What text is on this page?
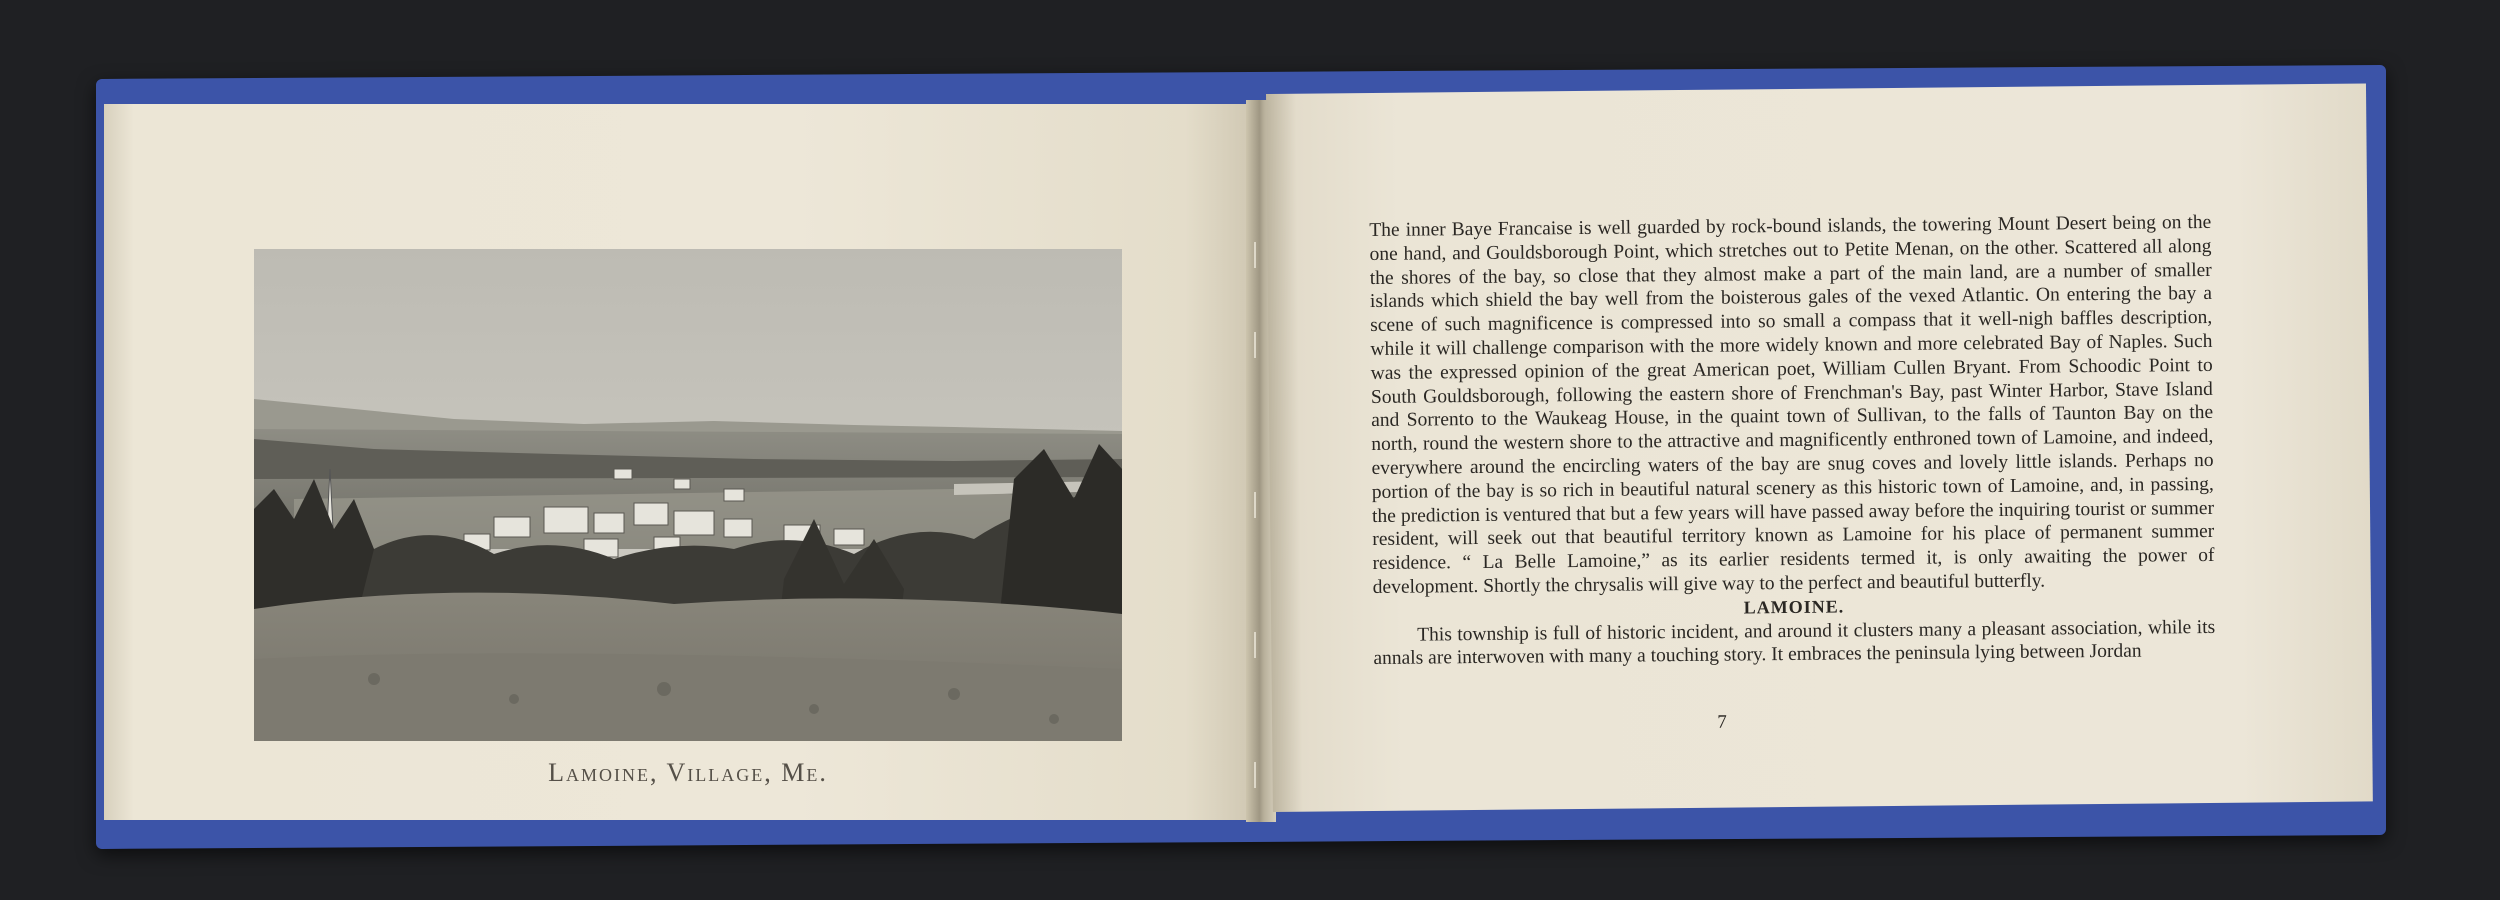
Lamoine, Village, Me.

The inner Baye Francaise is well guarded by rock-bound islands, the towering Mount Desert being on the one hand, and Gouldsborough Point, which stretches out to Petite Menan, on the other. Scattered all along the shores of the bay, so close that they almost make a part of the main land, are a number of smaller islands which shield the bay well from the boisterous gales of the vexed Atlantic. On entering the bay a scene of such magnificence is compressed into so small a compass that it well-nigh baffles description, while it will challenge comparison with the more widely known and more celebrated Bay of Naples. Such was the expressed opinion of the great American poet, William Cullen Bryant. From Schoodic Point to South Gouldsborough, following the eastern shore of Frenchman's Bay, past Winter Harbor, Stave Island and Sorrento to the Waukeag House, in the quaint town of Sullivan, to the falls of Taunton Bay on the north, round the western shore to the attractive and magnificently enthroned town of Lamoine, and indeed, everywhere around the encircling waters of the bay are snug coves and lovely little islands. Perhaps no portion of the bay is so rich in beautiful natural scenery as this historic town of Lamoine, and, in passing, the prediction is ventured that but a few years will have passed away before the inquiring tourist or summer resident, will seek out that beautiful territory known as Lamoine for his place of permanent summer residence. “ La Belle Lamoine,” as its earlier residents termed it, is only awaiting the power of development. Shortly the chrysalis will give way to the perfect and beautiful butterfly.

LAMOINE.

This township is full of historic incident, and around it clusters many a pleasant association, while its annals are interwoven with many a touching story. It embraces the peninsula lying between Jordan

7
